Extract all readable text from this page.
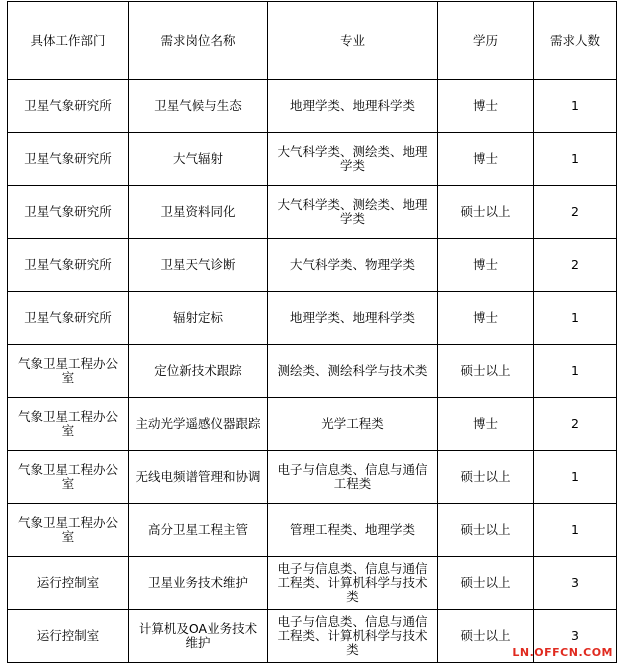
具体工作部门	需求岗位名称	专业	学历	需求人数
卫星气象研究所	卫星气候与生态	地理学类、地理科学类	博士	1
卫星气象研究所	大气辐射	大气科学类、测绘类、地理学类	博士	1
卫星气象研究所	卫星资料同化	大气科学类、测绘类、地理学类	硕士以上	2
卫星气象研究所	卫星天气诊断	大气科学类、物理学类	博士	2
卫星气象研究所	辐射定标	地理学类、地理科学类	博士	1
气象卫星工程办公室	定位新技术跟踪	测绘类、测绘科学与技术类	硕士以上	1
气象卫星工程办公室	主动光学遥感仪器跟踪	光学工程类	博士	2
气象卫星工程办公室	无线电频谱管理和协调	电子与信息类、信息与通信工程类	硕士以上	1
气象卫星工程办公室	高分卫星工程主管	管理工程类、地理学类	硕士以上	1
运行控制室	卫星业务技术维护	电子与信息类、信息与通信工程类、计算机科学与技术类	硕士以上	3
运行控制室	计算机及OA业务技术维护	电子与信息类、信息与通信工程类、计算机科学与技术类	硕士以上	3
LN.OFFCN.COM
